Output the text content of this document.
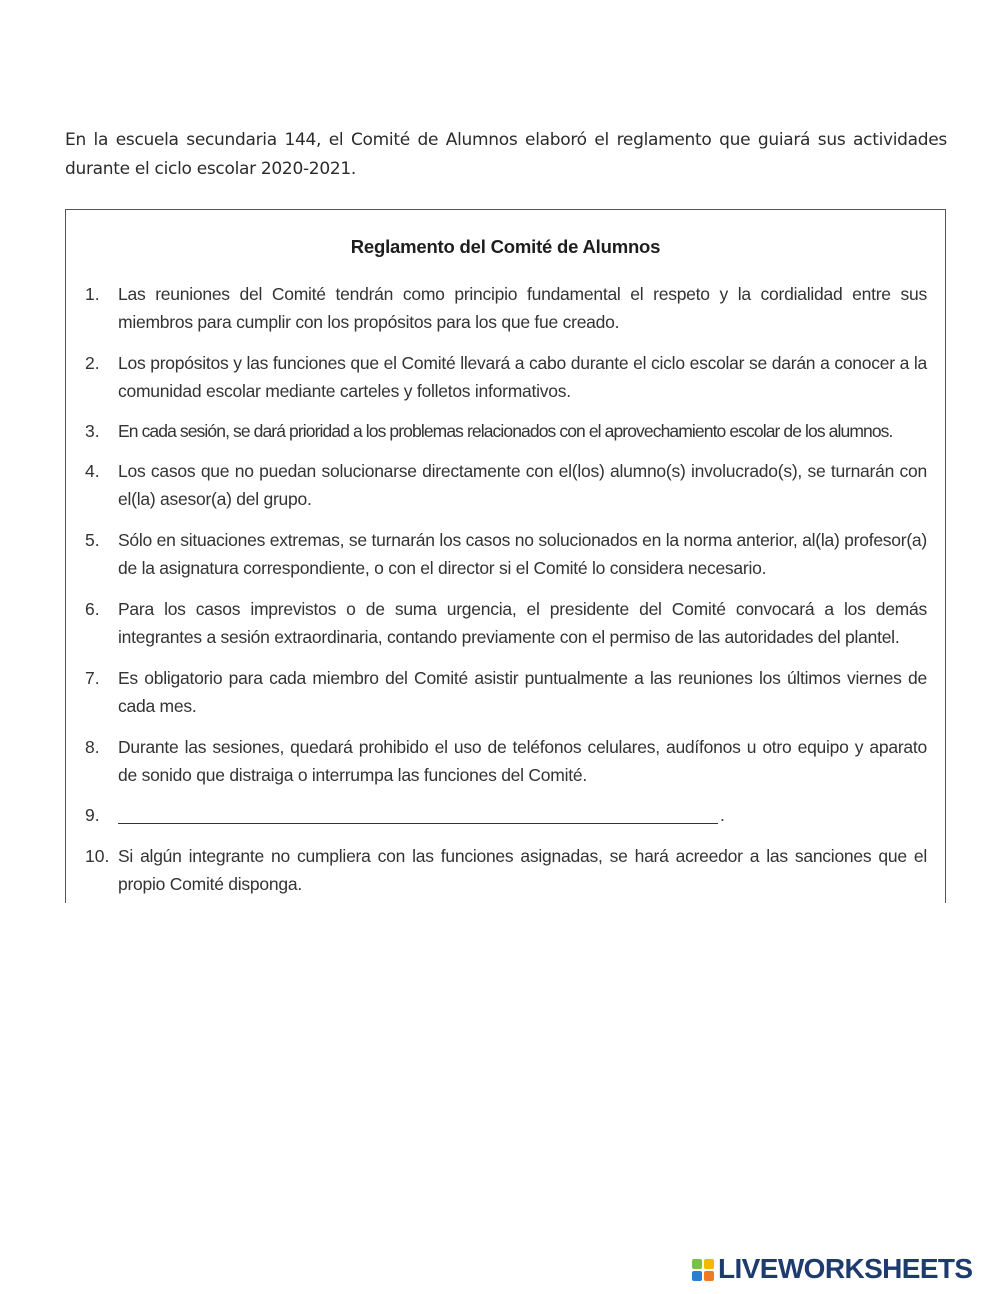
En la escuela secundaria 144, el Comité de Alumnos elaboró el reglamento que guiará sus actividades durante el ciclo escolar 2020-2021.
Reglamento del Comité de Alumnos
1. Las reuniones del Comité tendrán como principio fundamental el respeto y la cordialidad entre sus miembros para cumplir con los propósitos para los que fue creado.
2. Los propósitos y las funciones que el Comité llevará a cabo durante el ciclo escolar se darán a conocer a la comunidad escolar mediante carteles y folletos informativos.
3. En cada sesión, se dará prioridad a los problemas relacionados con el aprovechamiento escolar de los alumnos.
4. Los casos que no puedan solucionarse directamente con el(los) alumno(s) involucrado(s), se turnarán con el(la) asesor(a) del grupo.
5. Sólo en situaciones extremas, se turnarán los casos no solucionados en la norma anterior, al(la) profesor(a) de la asignatura correspondiente, o con el director si el Comité lo considera necesario.
6. Para los casos imprevistos o de suma urgencia, el presidente del Comité convocará a los demás integrantes a sesión extraordinaria, contando previamente con el permiso de las autoridades del plantel.
7. Es obligatorio para cada miembro del Comité asistir puntualmente a las reuniones los últimos viernes de cada mes.
8. Durante las sesiones, quedará prohibido el uso de teléfonos celulares, audífonos u otro equipo y aparato de sonido que distraiga o interrumpa las funciones del Comité.
9.	.
10. Si algún integrante no cumpliera con las funciones asignadas, se hará acreedor a las sanciones que el propio Comité disponga.
LIVEWORKSHEETS
